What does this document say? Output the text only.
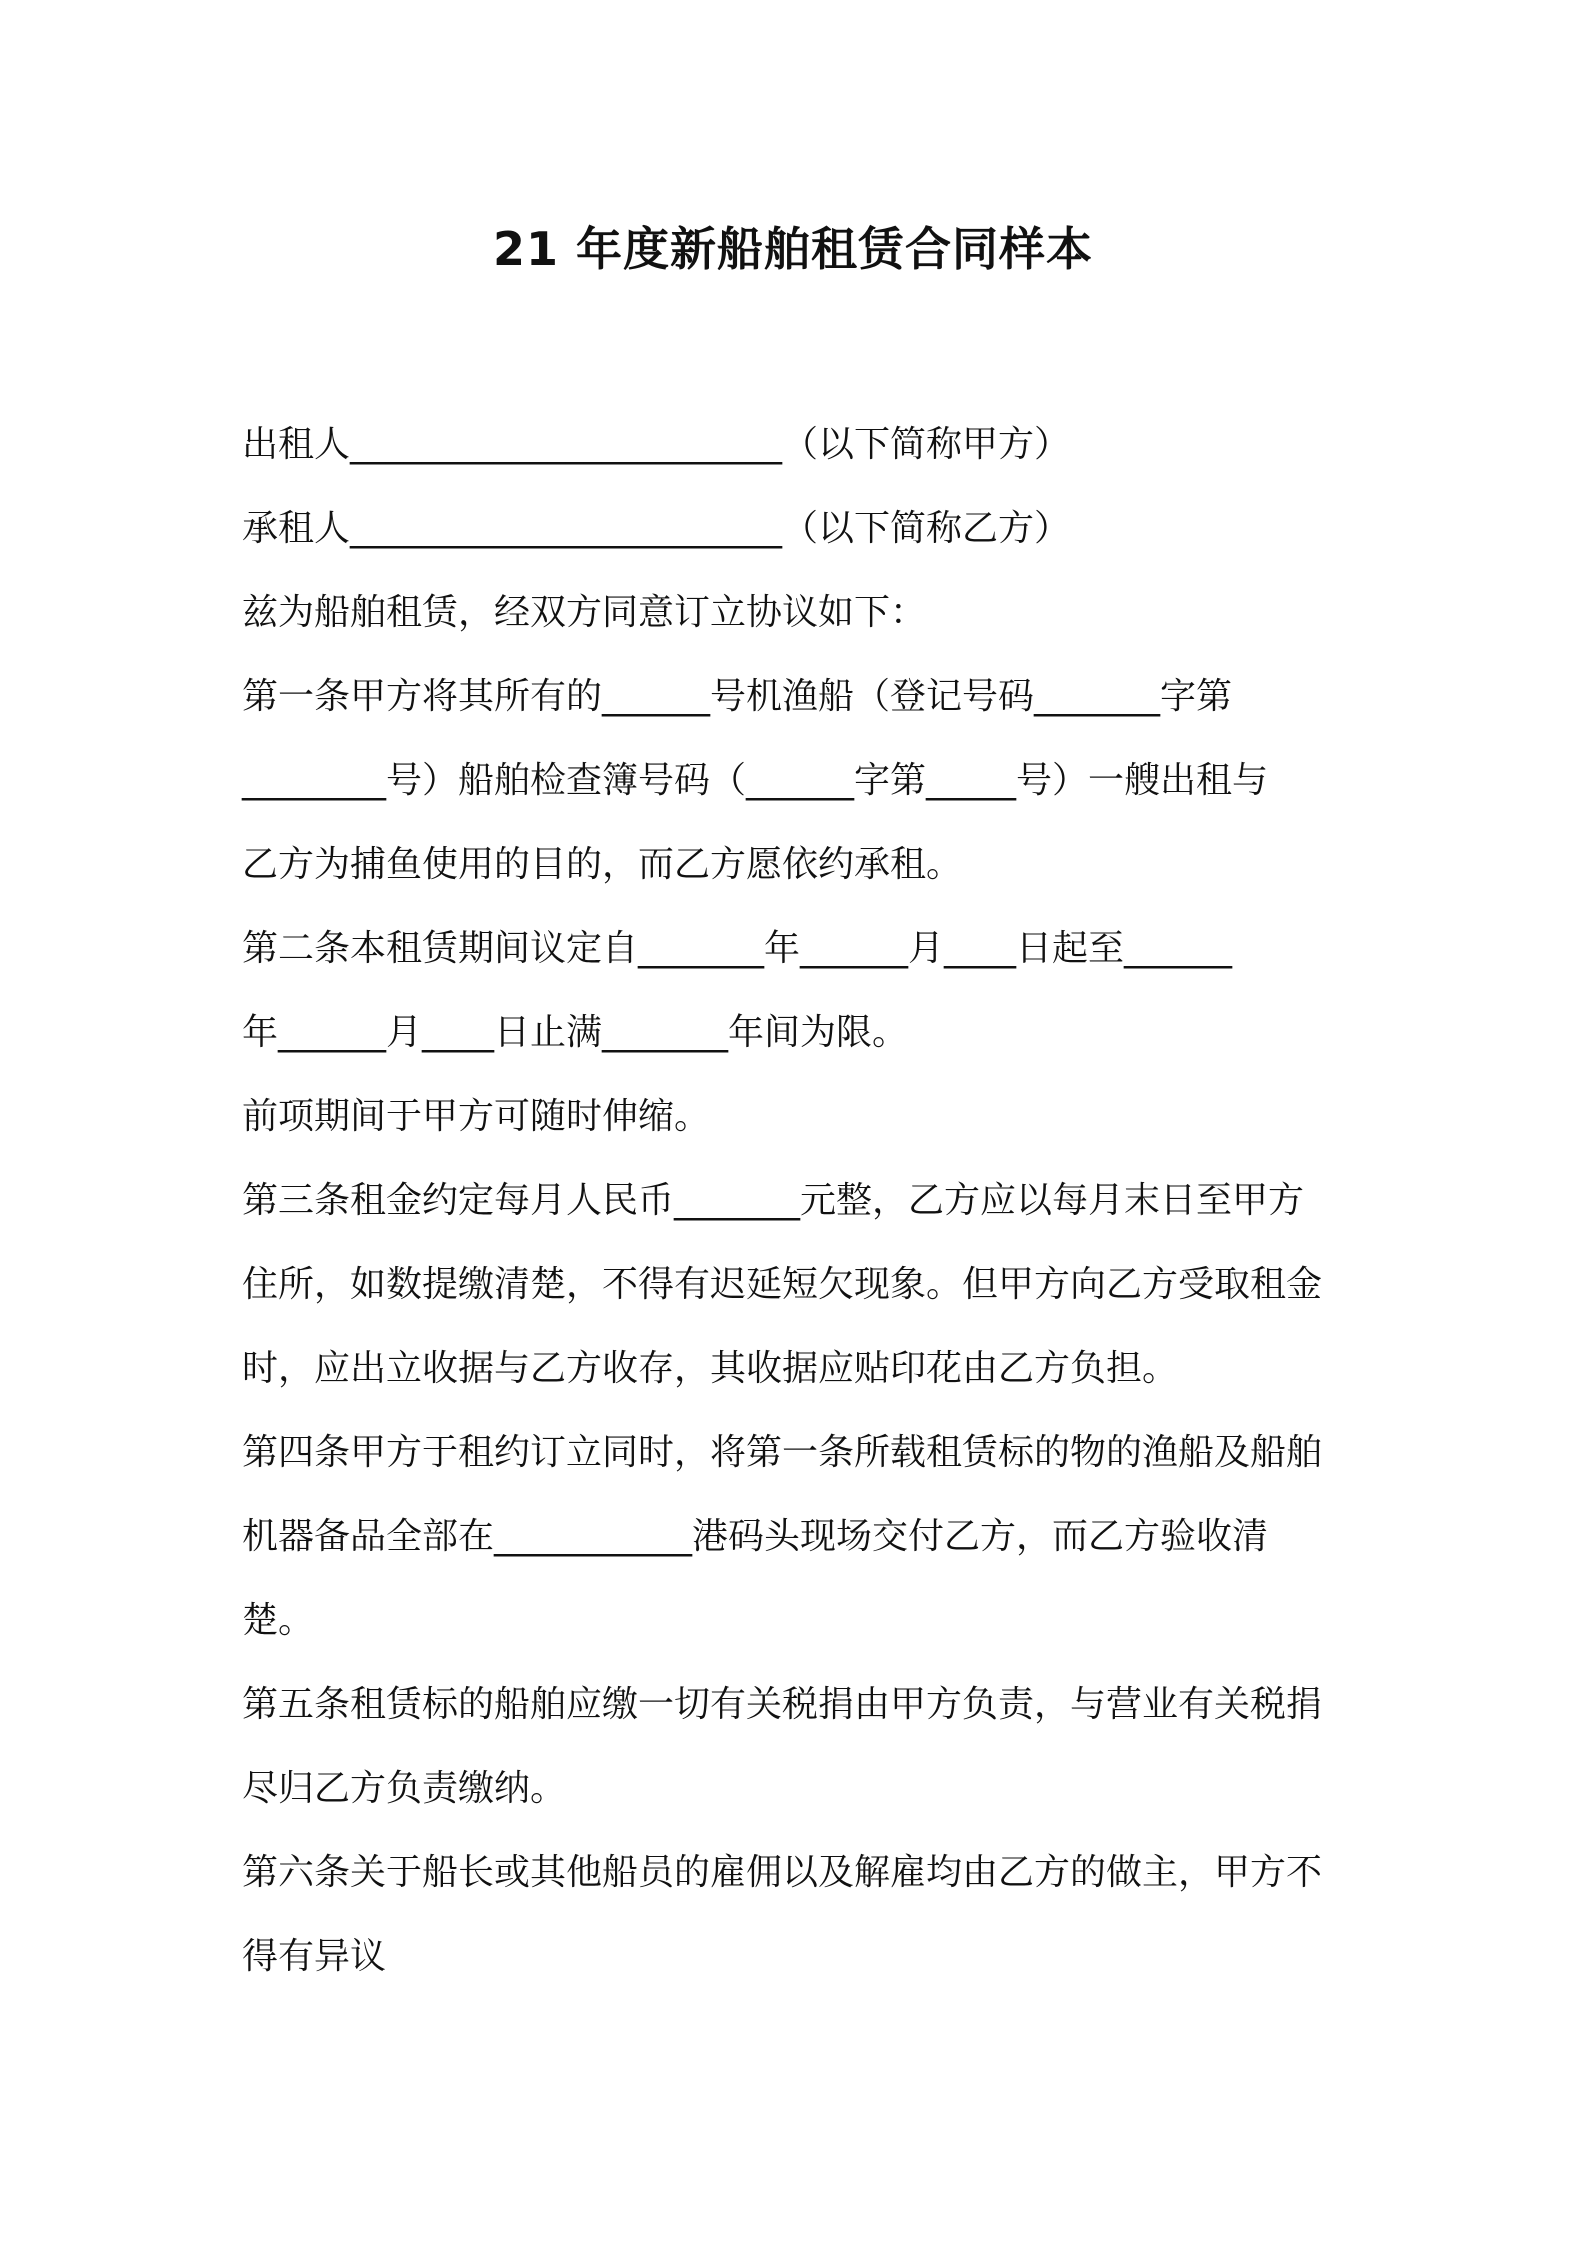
21 年度新船舶租赁合同样本
出租人________________________（以下简称甲方）
承租人________________________（以下简称乙方）
兹为船舶租赁，经双方同意订立协议如下：
第一条甲方将其所有的______号机渔船（登记号码_______字第
________号）船舶检查簿号码（______字第_____号）一艘出租与
乙方为捕鱼使用的目的，而乙方愿依约承租。
第二条本租赁期间议定自_______年______月____日起至______
年______月____日止满_______年间为限。
前项期间于甲方可随时伸缩。
第三条租金约定每月人民币_______元整，乙方应以每月末日至甲方
住所，如数提缴清楚，不得有迟延短欠现象。但甲方向乙方受取租金
时，应出立收据与乙方收存，其收据应贴印花由乙方负担。
第四条甲方于租约订立同时，将第一条所载租赁标的物的渔船及船舶
机器备品全部在___________港码头现场交付乙方，而乙方验收清
楚。
第五条租赁标的船舶应缴一切有关税捐由甲方负责，与营业有关税捐
尽归乙方负责缴纳。
第六条关于船长或其他船员的雇佣以及解雇均由乙方的做主，甲方不
得有异议
